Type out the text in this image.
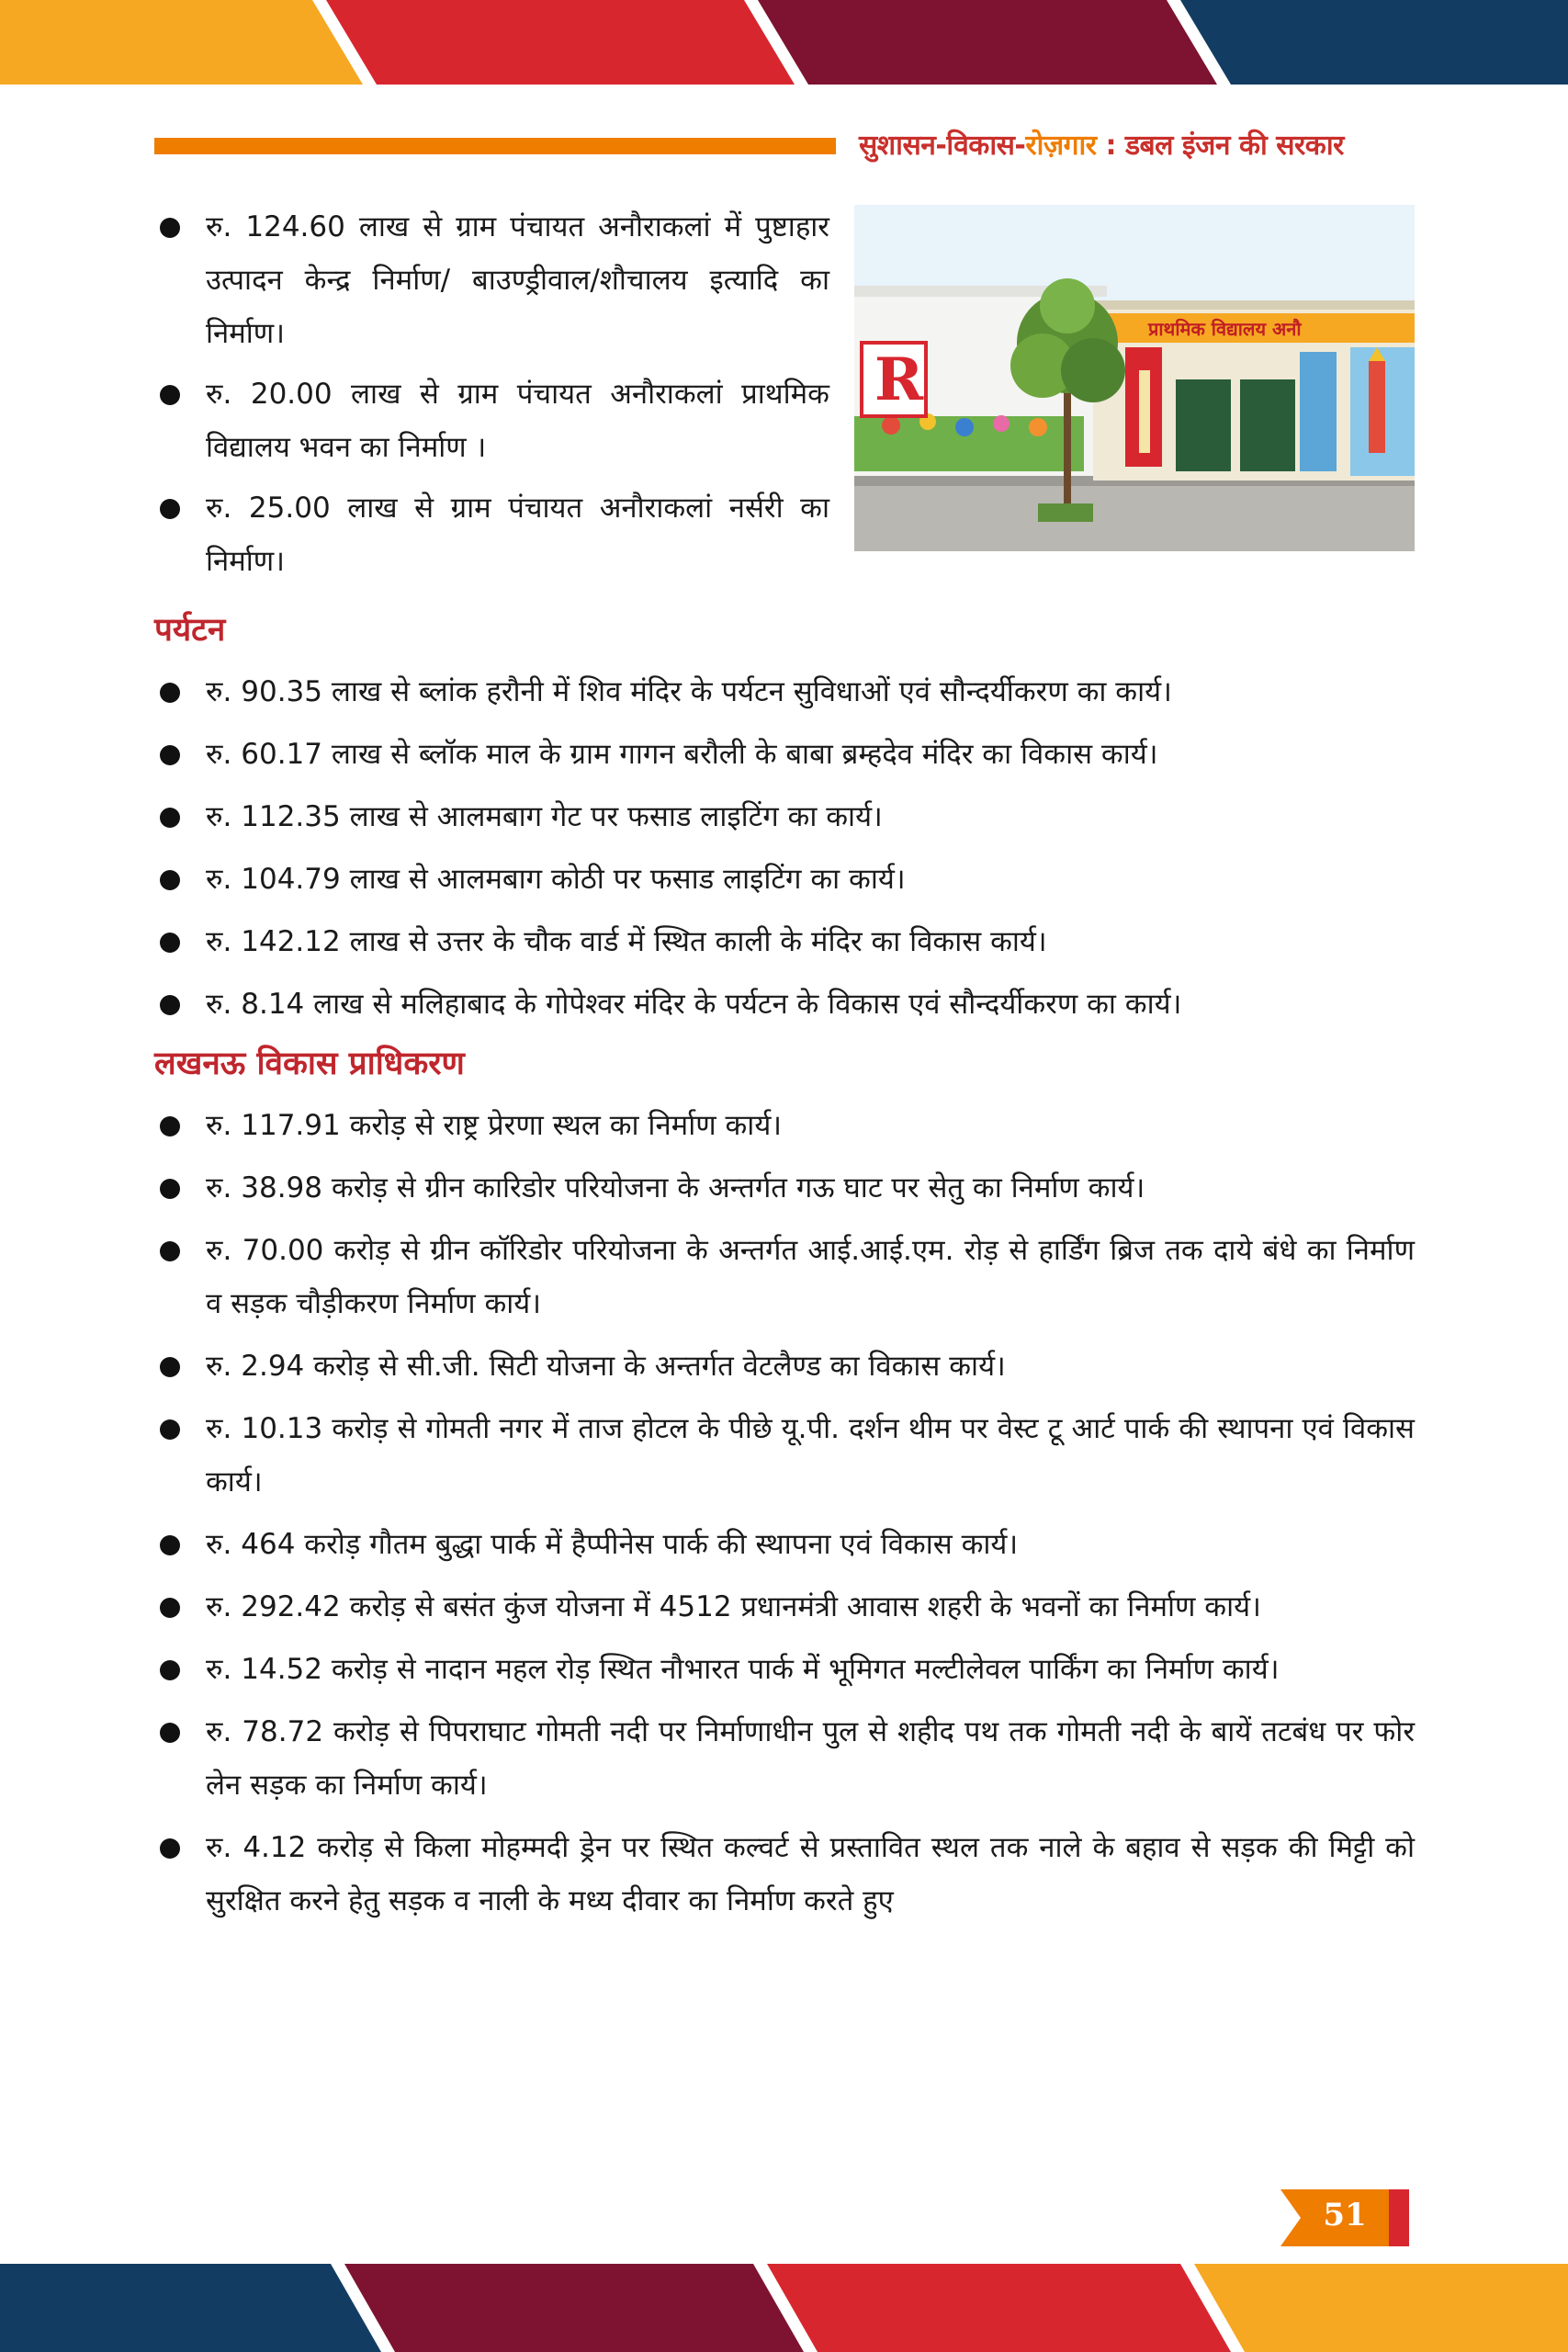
सुशासन-विकास-रोज़गार : डबल इंजन की सरकार
रु. 124.60 लाख से ग्राम पंचायत अनौराकलां में पुष्टाहार उत्पादन केन्द्र निर्माण/ बाउण्ड्रीवाल/शौचालय इत्यादि का निर्माण।
रु. 20.00 लाख से ग्राम पंचायत अनौराकलां प्राथमिक विद्यालय भवन का निर्माण ।
रु. 25.00 लाख से ग्राम पंचायत अनौराकलां नर्सरी का निर्माण।
R
प्राथमिक विद्यालय अनौ
पर्यटन
रु. 90.35 लाख से ब्लांक हरौनी में शिव मंदिर के पर्यटन सुविधाओं एवं सौन्दर्यीकरण का कार्य।
रु. 60.17 लाख से ब्लॉक माल के ग्राम गागन बरौली के बाबा ब्रम्हदेव मंदिर का विकास कार्य।
रु. 112.35 लाख से आलमबाग गेट पर फसाड लाइटिंग का कार्य।
रु. 104.79 लाख से आलमबाग कोठी पर फसाड लाइटिंग का कार्य।
रु. 142.12 लाख से उत्तर के चौक वार्ड में स्थित काली के मंदिर का विकास कार्य।
रु. 8.14 लाख से मलिहाबाद के गोपेश्वर मंदिर के पर्यटन के विकास एवं सौन्दर्यीकरण का कार्य।
लखनऊ विकास प्राधिकरण
रु. 117.91 करोड़ से राष्ट्र प्रेरणा स्थल का निर्माण कार्य।
रु. 38.98 करोड़ से ग्रीन कारिडोर परियोजना के अन्तर्गत गऊ घाट पर सेतु का निर्माण कार्य।
रु. 70.00 करोड़ से ग्रीन कॉरिडोर परियोजना के अन्तर्गत आई.आई.एम. रोड़ से हार्डिंग ब्रिज तक दाये बंधे का निर्माण व सड़क चौड़ीकरण निर्माण कार्य।
रु. 2.94 करोड़ से सी.जी. सिटी योजना के अन्तर्गत वेटलैण्ड का विकास कार्य।
रु. 10.13 करोड़ से गोमती नगर में ताज होटल के पीछे यू.पी. दर्शन थीम पर वेस्ट टू आर्ट पार्क की स्थापना एवं विकास कार्य।
रु. 464 करोड़ गौतम बुद्धा पार्क में हैप्पीनेस पार्क की स्थापना एवं विकास कार्य।
रु. 292.42 करोड़ से बसंत कुंज योजना में 4512 प्रधानमंत्री आवास शहरी के भवनों का निर्माण कार्य।
रु. 14.52 करोड़ से नादान महल रोड़ स्थित नौभारत पार्क में भूमिगत मल्टीलेवल पार्किंग का निर्माण कार्य।
रु. 78.72 करोड़ से पिपराघाट गोमती नदी पर निर्माणाधीन पुल से शहीद पथ तक गोमती नदी के बायें तटबंध पर फोर लेन सड़क का निर्माण कार्य।
रु. 4.12 करोड़ से किला मोहम्मदी ड्रेन पर स्थित कल्वर्ट से प्रस्तावित स्थल तक नाले के बहाव से सड़क की मिट्टी को सुरक्षित करने हेतु सड़क व नाली के मध्य दीवार का निर्माण करते हुए
51
